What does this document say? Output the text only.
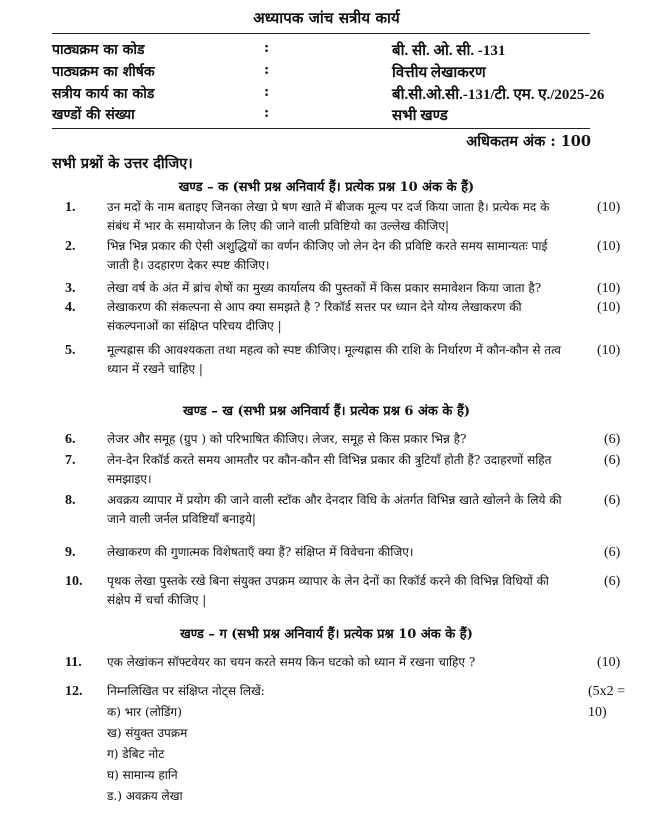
अध्यापक जांच सत्रीय कार्य
पाठ्यक्रम का कोड	:	बी. सी. ओ. सी. -131
पाठ्यक्रम का शीर्षक	:	वित्तीय लेखाकरण
सत्रीय कार्य का कोड	:	बी.सी.ओ.सी.-131/टी. एम. ए./2025-26
खण्डों की संख्या	:	सभी खण्ड
अधिकतम अंक : 100
सभी प्रश्नों के उत्तर दीजिए।
खण्ड – क (सभी प्रश्न अनिवार्य हैं। प्रत्येक प्रश्न 10 अंक के हैं)
1.	उन मदों के नाम बताइए जिनका लेखा प्रे षण खाते में बीजक मूल्य पर दर्ज किया जाता है। प्रत्येक मद के संबंध में भार के समायोजन के लिए की जाने वाली प्रविष्टियो का उल्लेख कीजिए|
(10)
2.	भिन्न भिन्न प्रकार की ऐसी अशुद्धियों का वर्णन कीजिए जो लेन देन की प्रविष्टि करते समय सामान्यतः पाई जाती है। उदहारण देकर स्पष्ट कीजिए।
(10)
3.	लेखा वर्ष के अंत में ब्रांच शेषों का मुख्य कार्यालय की पुस्तकों में किस प्रकार समावेशन किया जाता है?	(10)
4.	लेखाकरण की संकल्पना से आप क्या समझते है ? रिकॉर्ड सत्तर पर ध्यान देने योग्य लेखाकरण की संकल्पनाओं का संक्षिप्त परिचय दीजिए |
(10)
5.	मूल्यह्रास की आवश्यकता तथा महत्व को स्पष्ट कीजिए। मूल्यह्रास की राशि के निर्धारण में कौन-कौन से तत्व ध्यान में रखने चाहिए |
(10)
खण्ड – ख (सभी प्रश्न अनिवार्य हैं। प्रत्येक प्रश्न 6 अंक के हैं)
6.	लेजर और समूह (ग्रुप ) को परिभाषित कीजिए। लेजर, समूह से किस प्रकार भिन्न है?	(6)
7.	लेन-देन रिकॉर्ड करते समय आमतौर पर कौन-कौन सी विभिन्न प्रकार की त्रुटियाँ होती हैं? उदाहरणों सहित समझाइए।
(6)
8.	अवक्रय व्यापार में प्रयोग की जाने वाली स्टॉक और देनदार विधि के अंतर्गत विभिन्न खाते खोलने के लिये की जाने वाली जर्नल प्रविष्टियाँ बनाइये|
(6)
9.	लेखाकरण की गुणात्मक विशेषताएँ क्या हैं? संक्षिप्त में विवेचना कीजिए।	(6)
10. पृथक लेखा पुस्तके रखे बिना संयुक्त उपक्रम व्यापार के लेन देनों का रिकॉर्ड करने की विभिन्न विधियों की संक्षेप में चर्चा कीजिए |
(6)
खण्ड – ग (सभी प्रश्न अनिवार्य हैं। प्रत्येक प्रश्न 10 अंक के हैं)
11. एक लेखांकन सॉफ्टवेयर का चयन करते समय किन घटको को ध्यान में रखना चाहिए ?	(10)
12. निम्नलिखित पर संक्षिप्त नोट्स लिखें:	(5x2 =
10)
क) भार (लोडिंग)
ख) संयुक्त उपक्रम
ग) डेबिट नोट
घ) सामान्य हानि
ड.) अवक्रय लेखा
